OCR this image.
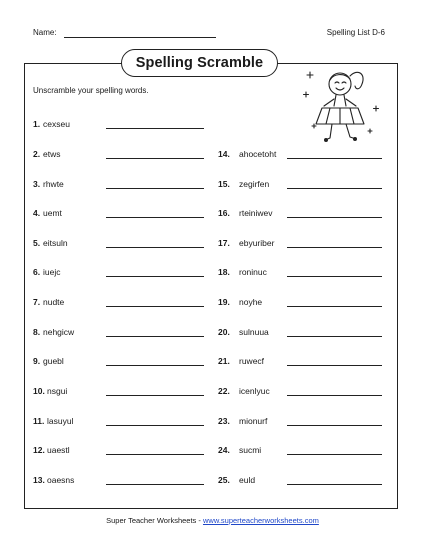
Name:	Spelling List D-6
Spelling Scramble
Unscramble your spelling words.
1. cexseu
2. etws
3. rhwte
4. uemt
5. eitsuln
6. iuejc
7. nudte
8. nehgicw
9. guebl
10. nsgui
11. lasuyul
12. uaestl
13. oaesns
14. ahocetoht
15. zegirfen
16. rteiniwev
17. ebyuriber
18. roninuc
19. noyhe
20. sulnuua
21. ruwecf
22. icenlyuc
23. mionurf
24. sucmi
25. euld
Super Teacher Worksheets - www.superteacherworksheets.com
